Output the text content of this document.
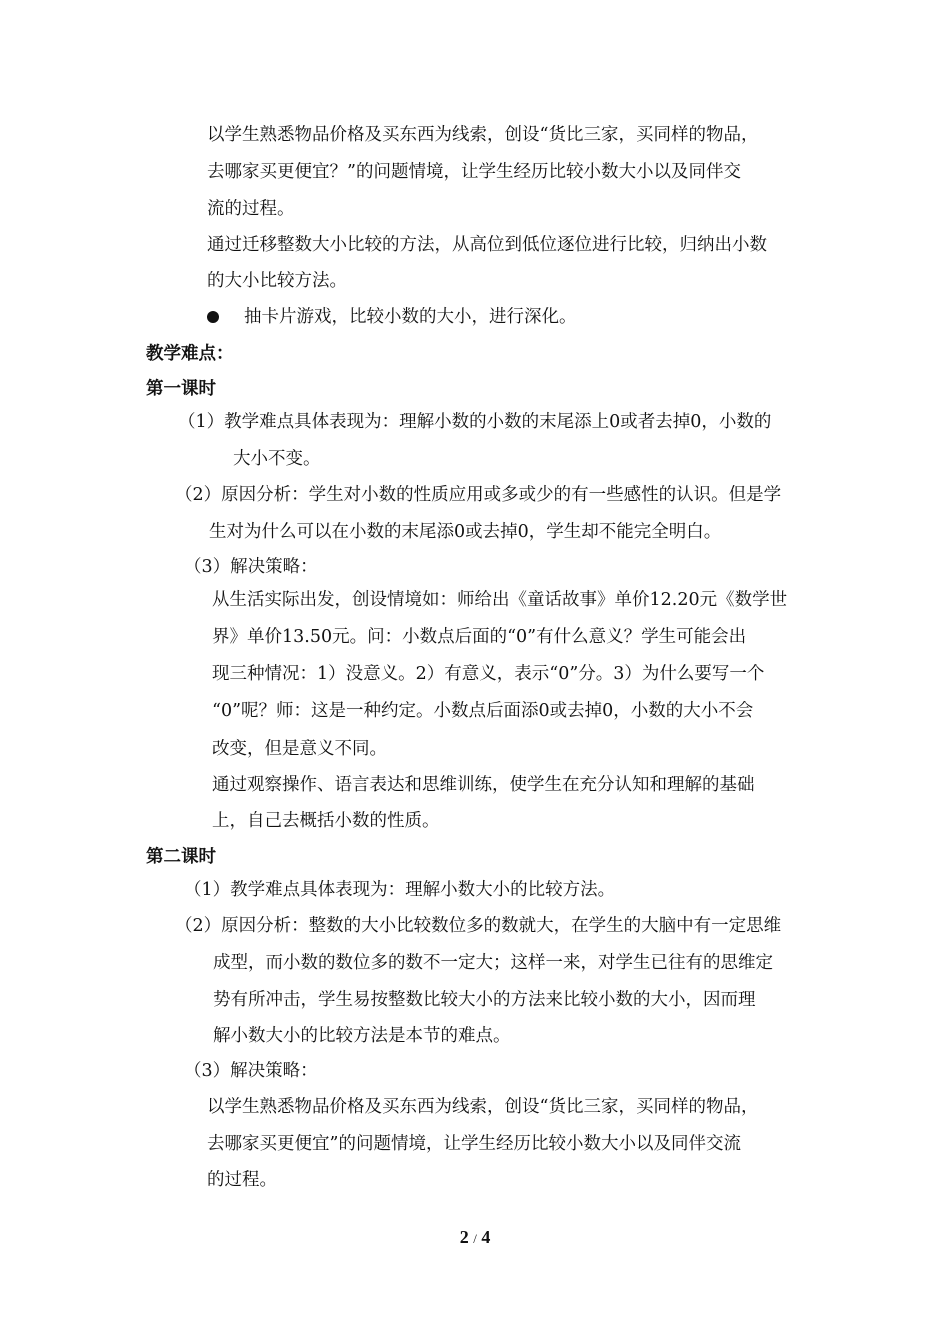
以学生熟悉物品价格及买东西为线索，创设“货比三家，买同样的物品，
去哪家买更便宜？”的问题情境，让学生经历比较小数大小以及同伴交
流的过程。
通过迁移整数大小比较的方法，从高位到低位逐位进行比较，归纳出小数
的大小比较方法。
抽卡片游戏，比较小数的大小，进行深化。
教学难点：
第一课时
（1）教学难点具体表现为：理解小数的小数的末尾添上0或者去掉0，小数的
大小不变。
（2）原因分析：学生对小数的性质应用或多或少的有一些感性的认识。但是学
生对为什么可以在小数的末尾添0或去掉0，学生却不能完全明白。
（3）解决策略：
从生活实际出发，创设情境如：师给出《童话故事》单价12.20元《数学世
界》单价13.50元。问：小数点后面的“0”有什么意义？学生可能会出
现三种情况：1）没意义。2）有意义，表示“0”分。3）为什么要写一个
“0”呢？师：这是一种约定。小数点后面添0或去掉0，小数的大小不会
改变，但是意义不同。
通过观察操作、语言表达和思维训练，使学生在充分认知和理解的基础
上，自己去概括小数的性质。
第二课时
（1）教学难点具体表现为：理解小数大小的比较方法。
（2）原因分析：整数的大小比较数位多的数就大，在学生的大脑中有一定思维
成型，而小数的数位多的数不一定大；这样一来，对学生已往有的思维定
势有所冲击，学生易按整数比较大小的方法来比较小数的大小，因而理
解小数大小的比较方法是本节的难点。
（3）解决策略：
以学生熟悉物品价格及买东西为线索，创设“货比三家，买同样的物品，
去哪家买更便宜”的问题情境，让学生经历比较小数大小以及同伴交流
的过程。
2 / 4
